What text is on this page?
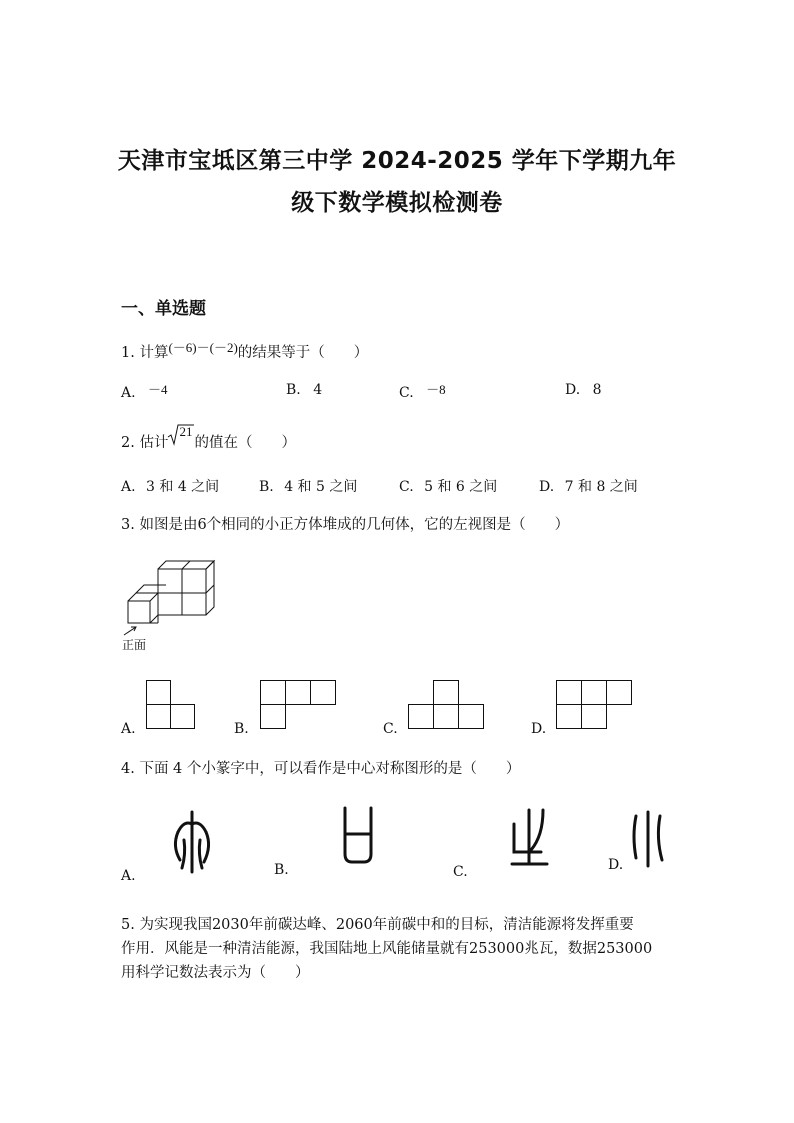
天津市宝坻区第三中学 2024-2025 学年下学期九年
级下数学模拟检测卷
一、单选题
1. 计算(－6)－(－2)的结果等于（　　）
A. －4	B. 4	C. －8	D. 8
2. 估计
21
的值在（　　）
A. 3 和 4 之间	B. 4 和 5 之间	C. 5 和 6 之间	D. 7 和 8 之间
3. 如图是由6个相同的小正方体堆成的几何体，它的左视图是（　　）
正面
A.	B.	C.	D.
4. 下面 4 个小篆字中，可以看作是中心对称图形的是（　　）
A.	B.	C.	D.
5. 为实现我国2030年前碳达峰、2060年前碳中和的目标，清洁能源将发挥重要
作用．风能是一种清洁能源，我国陆地上风能储量就有253000兆瓦，数据253000
用科学记数法表示为（　　）
